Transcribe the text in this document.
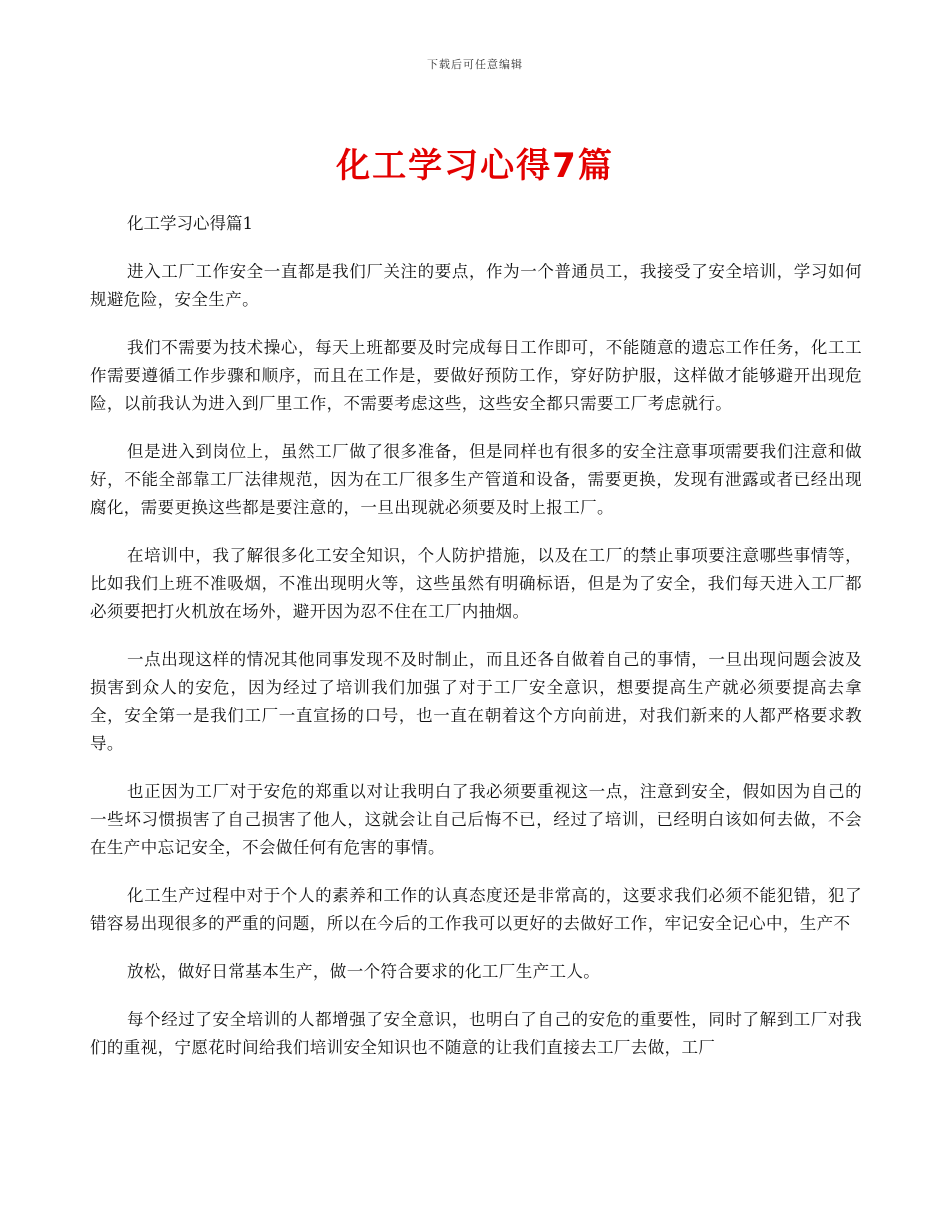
下载后可任意编辑
化工学习心得7篇

化工学习心得篇1

进入工厂工作安全一直都是我们厂关注的要点，作为一个普通员工，我接受了安全培训，学习如何规避危险，安全生产。

我们不需要为技术操心，每天上班都要及时完成每日工作即可，不能随意的遗忘工作任务，化工工作需要遵循工作步骤和顺序，而且在工作是，要做好预防工作，穿好防护服，这样做才能够避开出现危险，以前我认为进入到厂里工作，不需要考虑这些，这些安全都只需要工厂考虑就行。

但是进入到岗位上，虽然工厂做了很多准备，但是同样也有很多的安全注意事项需要我们注意和做好，不能全部靠工厂法律规范，因为在工厂很多生产管道和设备，需要更换，发现有泄露或者已经出现腐化，需要更换这些都是要注意的，一旦出现就必须要及时上报工厂。

在培训中，我了解很多化工安全知识，个人防护措施，以及在工厂的禁止事项要注意哪些事情等，比如我们上班不准吸烟，不准出现明火等，这些虽然有明确标语，但是为了安全，我们每天进入工厂都必须要把打火机放在场外，避开因为忍不住在工厂内抽烟。

一点出现这样的情况其他同事发现不及时制止，而且还各自做着自己的事情，一旦出现问题会波及损害到众人的安危，因为经过了培训我们加强了对于工厂安全意识，想要提高生产就必须要提高去拿全，安全第一是我们工厂一直宣扬的口号，也一直在朝着这个方向前进，对我们新来的人都严格要求教导。

也正因为工厂对于安危的郑重以对让我明白了我必须要重视这一点，注意到安全，假如因为自己的一些坏习惯损害了自己损害了他人，这就会让自己后悔不已，经过了培训，已经明白该如何去做，不会在生产中忘记安全，不会做任何有危害的事情。

化工生产过程中对于个人的素养和工作的认真态度还是非常高的，这要求我们必须不能犯错，犯了错容易出现很多的严重的问题，所以在今后的工作我可以更好的去做好工作，牢记安全记心中，生产不

放松，做好日常基本生产，做一个符合要求的化工厂生产工人。

每个经过了安全培训的人都增强了安全意识，也明白了自己的安危的重要性，同时了解到工厂对我们的重视，宁愿花时间给我们培训安全知识也不随意的让我们直接去工厂去做，工厂
